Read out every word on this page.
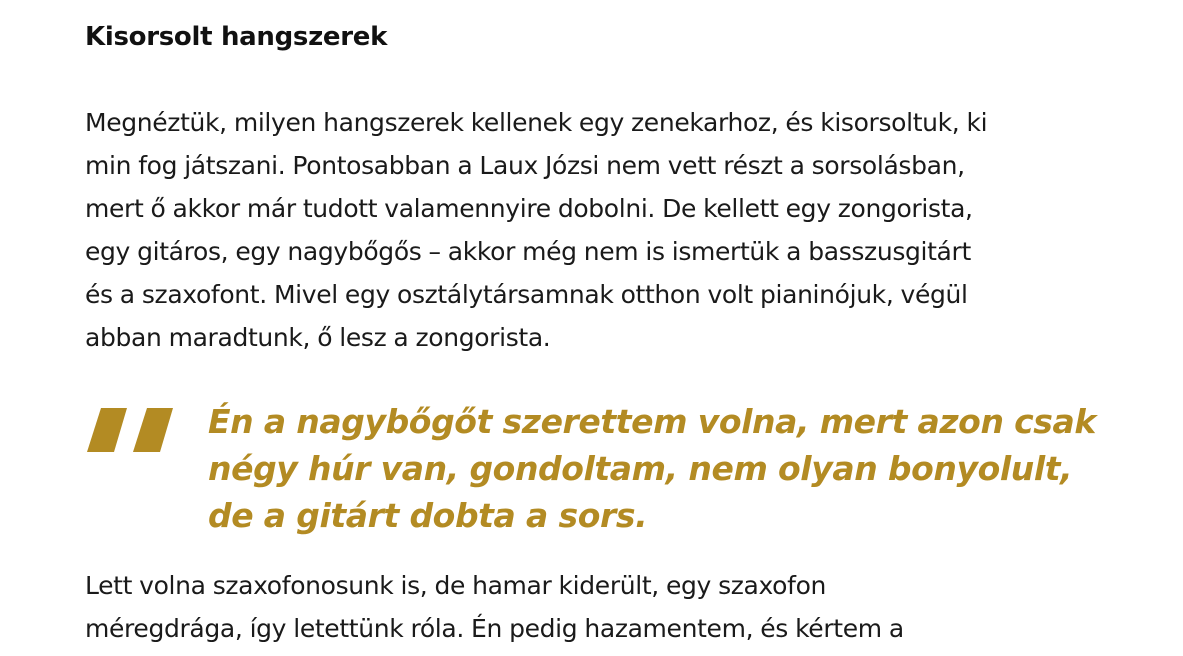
Kisorsolt hangszerek

Megnéztük, milyen hangszerek kellenek egy zenekarhoz, és kisorsoltuk, ki
min fog játszani. Pontosabban a Laux Józsi nem vett részt a sorsolásban,
mert ő akkor már tudott valamennyire dobolni. De kellett egy zongorista,
egy gitáros, egy nagybőgős – akkor még nem is ismertük a basszusgitárt
és a szaxofont. Mivel egy osztálytársamnak otthon volt pianinójuk, végül
abban maradtunk, ő lesz a zongorista.

Én a nagybőgőt szerettem volna, mert azon csak
négy húr van, gondoltam, nem olyan bonyolult,
de a gitárt dobta a sors.

Lett volna szaxofonosunk is, de hamar kiderült, egy szaxofon
méregdrága, így letettünk róla. Én pedig hazamentem, és kértem a
